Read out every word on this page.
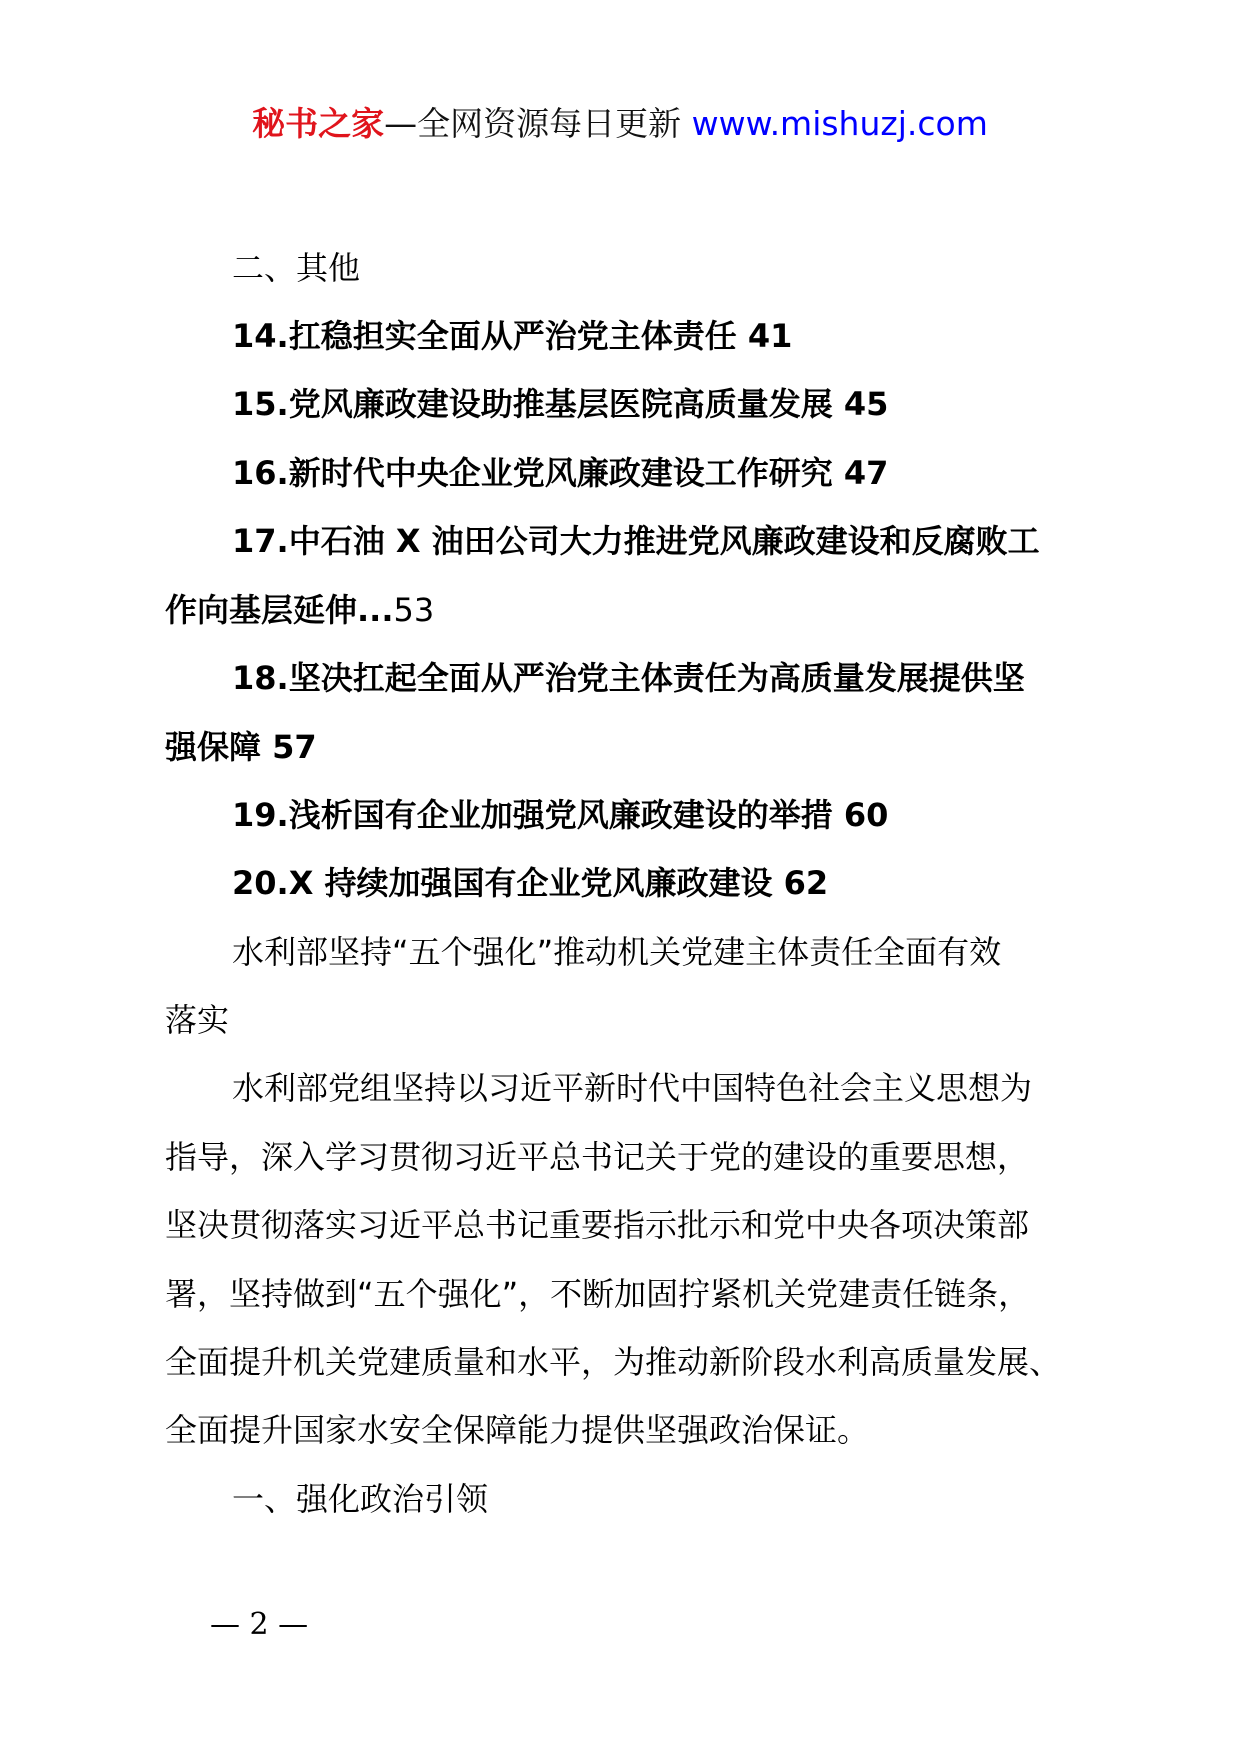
秘书之家—全网资源每日更新 www.mishuzj.com
二、其他
14.扛稳担实全面从严治党主体责任 41
15.党风廉政建设助推基层医院高质量发展 45
16.新时代中央企业党风廉政建设工作研究 47
17.中石油 X 油田公司大力推进党风廉政建设和反腐败工
作向基层延伸...53
18.坚决扛起全面从严治党主体责任为高质量发展提供坚
强保障 57
19.浅析国有企业加强党风廉政建设的举措 60
20.X 持续加强国有企业党风廉政建设 62
水利部坚持“五个强化”推动机关党建主体责任全面有效
落实
水利部党组坚持以习近平新时代中国特色社会主义思想为
指导，深入学习贯彻习近平总书记关于党的建设的重要思想，
坚决贯彻落实习近平总书记重要指示批示和党中央各项决策部
署，坚持做到“五个强化”，不断加固拧紧机关党建责任链条，
全面提升机关党建质量和水平，为推动新阶段水利高质量发展、
全面提升国家水安全保障能力提供坚强政治保证。
一、强化政治引领
— 2 —
